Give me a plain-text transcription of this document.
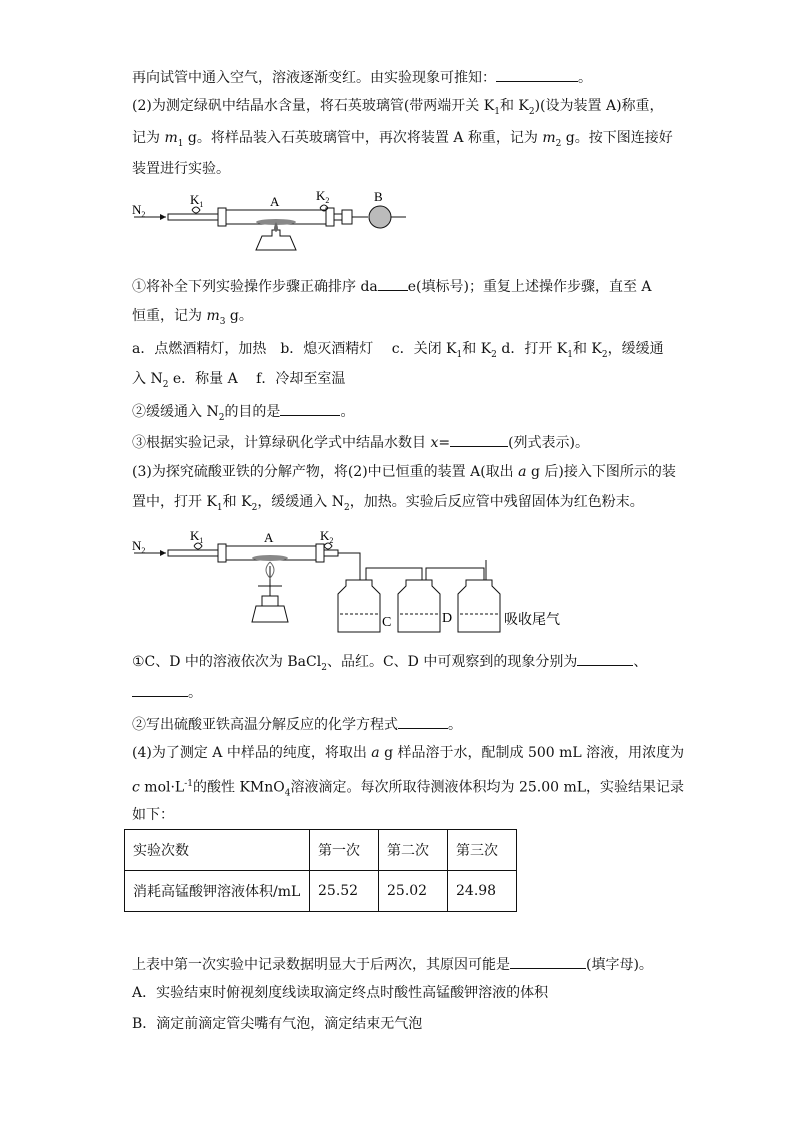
再向试管中通入空气，溶液逐渐变红。由实验现象可推知：	。
(2)为测定绿矾中结晶水含量，将石英玻璃管(带两端开关 $K_1$和 $K_2$)(设为装置 A)称重，
记为 $m_1$ g。将样品装入石英玻璃管中，再次将装置 A 称重，记为 $m_2$ g。按下图连接好
装置进行实验。
$N_2$
$K_1$	A	$K_2$	B
①将补全下列实验操作步骤正确排序 da e(填标号)；重复上述操作步骤，直至 A
恒重，记为 $m_3$ g。
a．点燃酒精灯，加热　b．熄灭酒精灯　 c．关闭 $K_1$和 $K_2$ d．打开 $K_1$和 $K_2$，缓缓通
入 $N_2$ e．称量 A　 f．冷却至室温
②缓缓通入 $N_2$的目的是	。
③根据实验记录，计算绿矾化学式中结晶水数目 x=	(列式表示)。
(3)为探究硫酸亚铁的分解产物，将(2)中已恒重的装置 A(取出 a g 后)接入下图所示的装
置中，打开 $K_1$和 $K_2$，缓缓通入 $N_2$，加热。实验后反应管中残留固体为红色粉末。
$N_2$
$K_1$	A	$K_2$
C	D	吸收尾气
①C、D 中的溶液依次为 BaCl$_2$、品红。C、D 中可观察到的现象分别为	、
。
②写出硫酸亚铁高温分解反应的化学方程式	。
(4)为了测定 A 中样品的纯度，将取出 a g 样品溶于水，配制成 500 mL 溶液，用浓度为
c $mol\cdot L^{-1}$的酸性 KMnO$_4$溶液滴定。每次所取待测液体积均为 25.00 mL，实验结果记录
如下：
实验次数	第一次	第二次	第三次
消耗高锰酸钾溶液体积/mL	25.52	25.02	24.98
上表中第一次实验中记录数据明显大于后两次，其原因可能是	(填字母)。
A．实验结束时俯视刻度线读取滴定终点时酸性高锰酸钾溶液的体积
B．滴定前滴定管尖嘴有气泡，滴定结束无气泡
